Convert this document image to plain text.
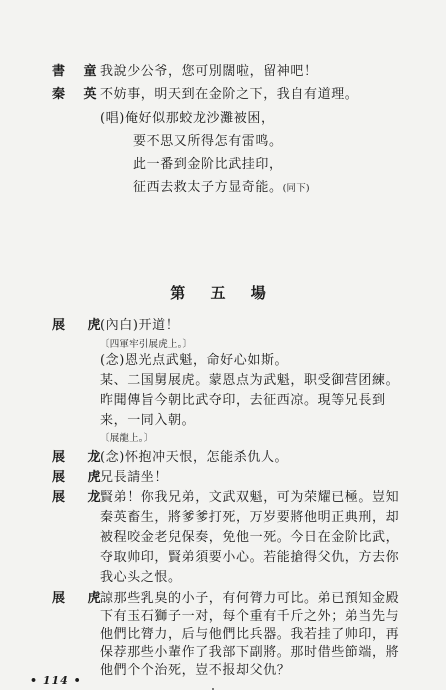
書 童
我說少公爷，您可別闊啦，留神吧！
秦 英
不妨事，明天到在金阶之下，我自有道理。
(唱)俺好似那蛟龙沙灘被困，
要不思又所得怎有雷鸣。
此一番到金阶比武挂印，
征西去救太子方显奇能。(同下)
第 五 場
展 虎
(內白)开道！
〔四軍牢引展虎上。〕
(念)恩光点武魁，命好心如斯。
某、二国舅展虎。蒙恩点为武魁，职受御营团練。
昨聞傳旨今朝比武夺印，去征西凉。現等兄長到
来，一同入朝。
〔展龍上。〕
展 龙
(念)怀抱冲天恨，怎能杀仇人。
展 虎
兄長請坐！
展 龙
賢弟！你我兄弟，文武双魁，可为荣耀已極。豈知
秦英畜生，將爹爹打死，万岁要將他明正典刑，却
被程咬金老兒保奏，免他一死。今日在金阶比武，
夺取帅印，賢弟須要小心。若能搶得父仇，方去你
我心头之恨。
• 114 •
展 虎
諒那些乳臭的小子，有何膂力可比。弟已預知金殿
下有玉石獅子一对，每个重有千斤之外；弟当先与
他們比膂力，后与他們比兵器。我若挂了帅印，再
保荐那些小輩作了我部下副將。那时借些節端，將
他們个个治死，豈不报却父仇？
